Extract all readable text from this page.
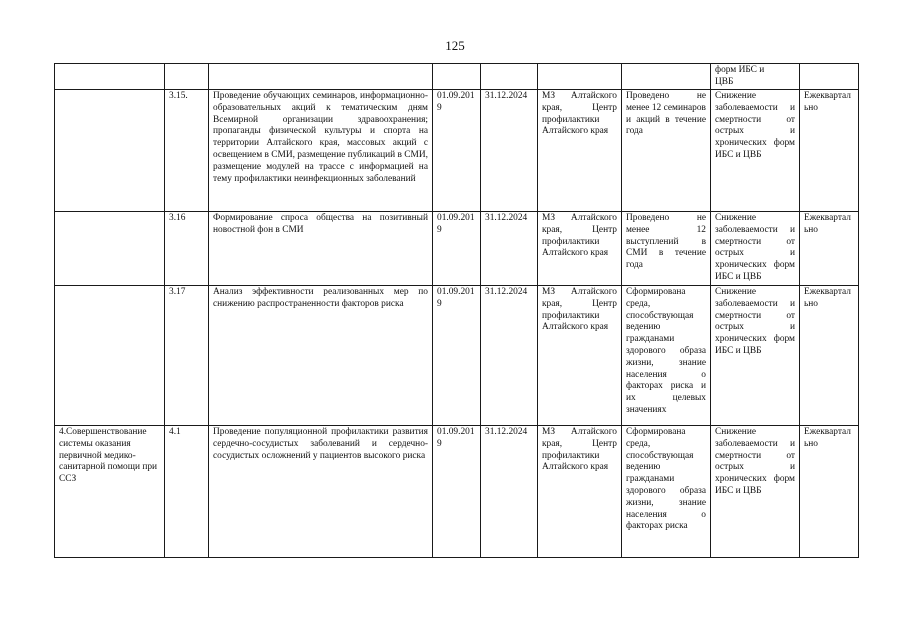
125

							форм ИБС и
ЦВБ	

	3.15.	Проведение обучающих семинаров, информационно-образовательных акций к тематическим дням Всемирной организации здравоохранения; пропаганды физической культуры и спорта на территории Алтайского края, массовых акций с освещением в СМИ, размещение публикаций в СМИ, размещение модулей на трассе с информацией на тему профилактики неинфекционных заболеваний	01.09.2019	31.12.2024	МЗ Алтайского края, Центр профилактики Алтайского края	Проведено не менее 12 семинаров и акций в течение года	Снижение заболеваемости и смертности от острых и хронических форм ИБС и ЦВБ	Ежеквартально
	3.16	Формирование спроса общества на позитивный новостной фон в СМИ	01.09.2019	31.12.2024	МЗ Алтайского края, Центр профилактики Алтайского края	Проведено не менее 12 выступлений в СМИ в течение года	Снижение заболеваемости и смертности от острых и хронических форм ИБС и ЦВБ	Ежеквартально
	3.17	Анализ эффективности реализованных мер по снижению распространенности факторов риска	01.09.2019	31.12.2024	МЗ Алтайского края, Центр профилактики Алтайского края	Сформирована среда, способствующая ведению гражданами здорового образа жизни, знание населения о факторах риска и их целевых значениях	Снижение заболеваемости и смертности от острых и хронических форм ИБС и ЦВБ	Ежеквартально
4.Совершенствование системы оказания первичной медико-санитарной помощи при ССЗ	4.1	Проведение популяционной профилактики развития сердечно-сосудистых заболеваний и сердечно-сосудистых осложнений у пациентов высокого риска	01.09.2019	31.12.2024	МЗ Алтайского края, Центр профилактики Алтайского края	Сформирована среда, способствующая ведению гражданами здорового образа жизни, знание населения о факторах риска	Снижение заболеваемости и смертности от острых и хронических форм ИБС и ЦВБ	Ежеквартально
